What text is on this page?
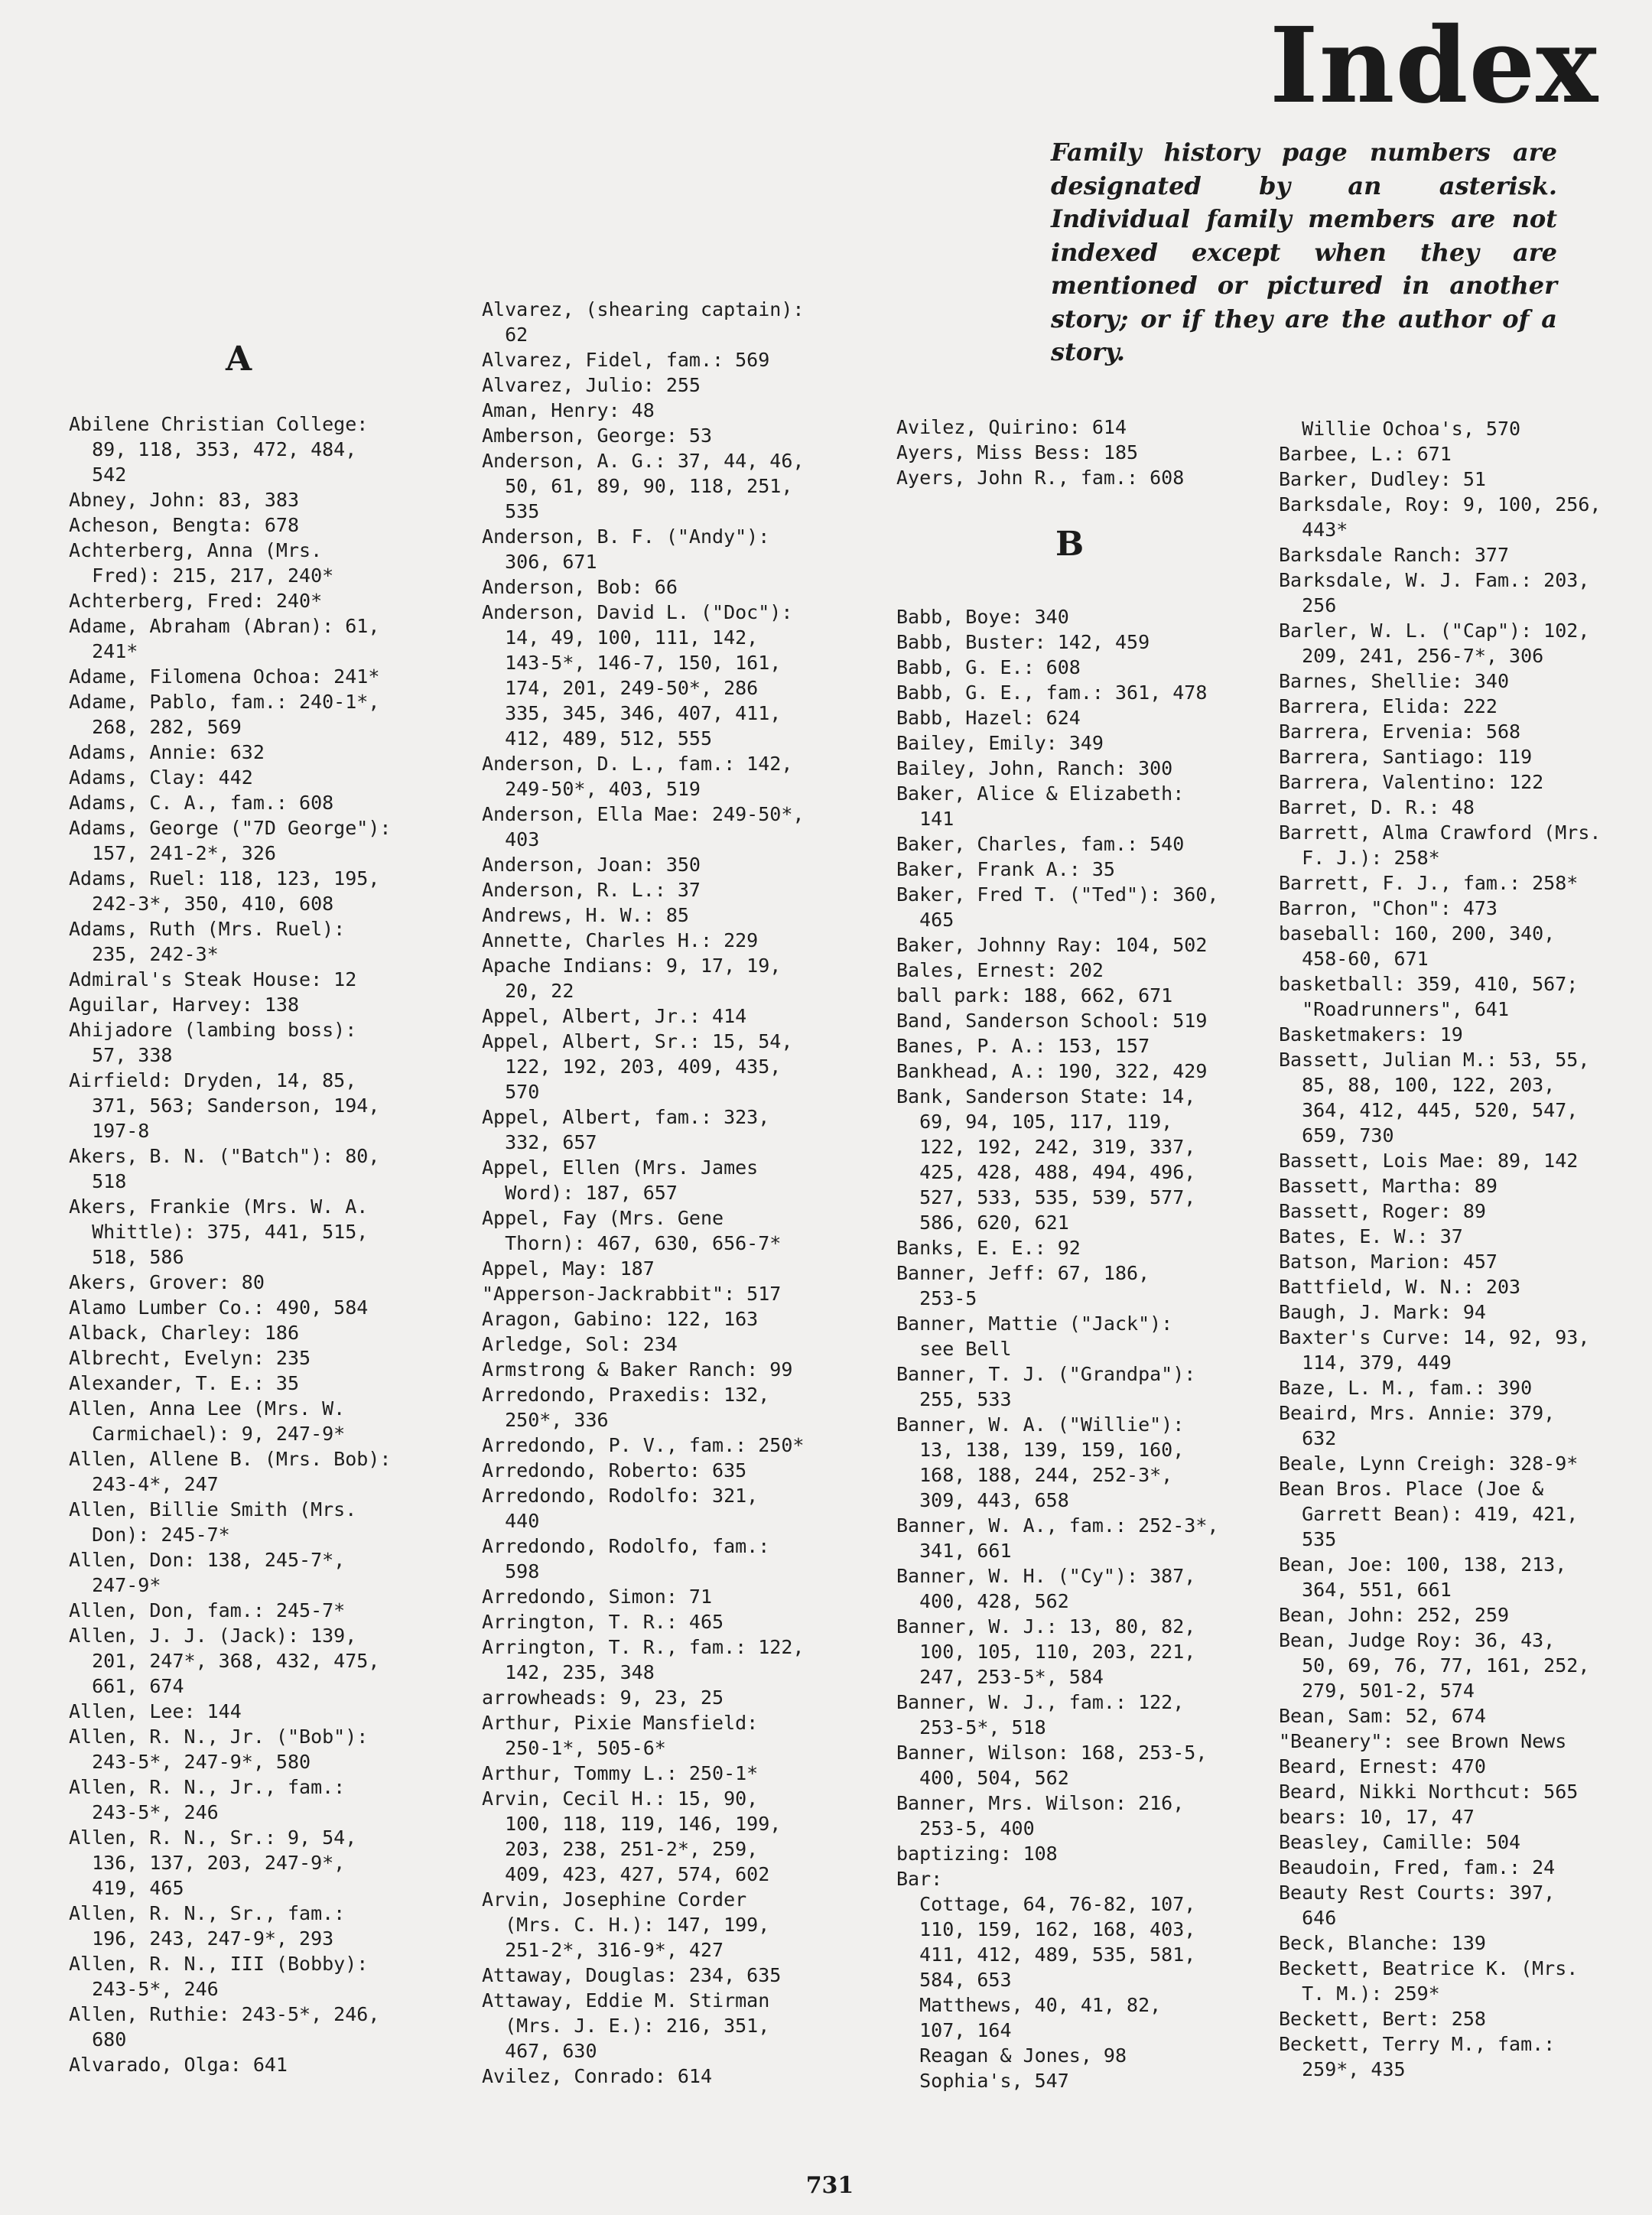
Index

Family history page numbers are designated by an asterisk. Individual family members are not indexed except when they are mentioned or pictured in another story; or if they are the author of a story.

A
B
Abilene Christian College:
89, 118, 353, 472, 484,
542
Abney, John: 83, 383
Acheson, Bengta: 678
Achterberg, Anna (Mrs.
Fred): 215, 217, 240*
Achterberg, Fred: 240*
Adame, Abraham (Abran): 61,
241*
Adame, Filomena Ochoa: 241*
Adame, Pablo, fam.: 240-1*,
268, 282, 569
Adams, Annie: 632
Adams, Clay: 442
Adams, C. A., fam.: 608
Adams, George ("7D George"):
157, 241-2*, 326
Adams, Ruel: 118, 123, 195,
242-3*, 350, 410, 608
Adams, Ruth (Mrs. Ruel):
235, 242-3*
Admiral's Steak House: 12
Aguilar, Harvey: 138
Ahijadore (lambing boss):
57, 338
Airfield: Dryden, 14, 85,
371, 563; Sanderson, 194,
197-8
Akers, B. N. ("Batch"): 80,
518
Akers, Frankie (Mrs. W. A.
Whittle): 375, 441, 515,
518, 586
Akers, Grover: 80
Alamo Lumber Co.: 490, 584
Alback, Charley: 186
Albrecht, Evelyn: 235
Alexander, T. E.: 35
Allen, Anna Lee (Mrs. W.
Carmichael): 9, 247-9*
Allen, Allene B. (Mrs. Bob):
243-4*, 247
Allen, Billie Smith (Mrs.
Don): 245-7*
Allen, Don: 138, 245-7*,
247-9*
Allen, Don, fam.: 245-7*
Allen, J. J. (Jack): 139,
201, 247*, 368, 432, 475,
661, 674
Allen, Lee: 144
Allen, R. N., Jr. ("Bob"):
243-5*, 247-9*, 580
Allen, R. N., Jr., fam.:
243-5*, 246
Allen, R. N., Sr.: 9, 54,
136, 137, 203, 247-9*,
419, 465
Allen, R. N., Sr., fam.:
196, 243, 247-9*, 293
Allen, R. N., III (Bobby):
243-5*, 246
Allen, Ruthie: 243-5*, 246,
680
Alvarado, Olga: 641
Alvarez, (shearing captain):
62
Alvarez, Fidel, fam.: 569
Alvarez, Julio: 255
Aman, Henry: 48
Amberson, George: 53
Anderson, A. G.: 37, 44, 46,
50, 61, 89, 90, 118, 251,
535
Anderson, B. F. ("Andy"):
306, 671
Anderson, Bob: 66
Anderson, David L. ("Doc"):
14, 49, 100, 111, 142,
143-5*, 146-7, 150, 161,
174, 201, 249-50*, 286
335, 345, 346, 407, 411,
412, 489, 512, 555
Anderson, D. L., fam.: 142,
249-50*, 403, 519
Anderson, Ella Mae: 249-50*,
403
Anderson, Joan: 350
Anderson, R. L.: 37
Andrews, H. W.: 85
Annette, Charles H.: 229
Apache Indians: 9, 17, 19,
20, 22
Appel, Albert, Jr.: 414
Appel, Albert, Sr.: 15, 54,
122, 192, 203, 409, 435,
570
Appel, Albert, fam.: 323,
332, 657
Appel, Ellen (Mrs. James
Word): 187, 657
Appel, Fay (Mrs. Gene
Thorn): 467, 630, 656-7*
Appel, May: 187
"Apperson-Jackrabbit": 517
Aragon, Gabino: 122, 163
Arledge, Sol: 234
Armstrong & Baker Ranch: 99
Arredondo, Praxedis: 132,
250*, 336
Arredondo, P. V., fam.: 250*
Arredondo, Roberto: 635
Arredondo, Rodolfo: 321,
440
Arredondo, Rodolfo, fam.:
598
Arredondo, Simon: 71
Arrington, T. R.: 465
Arrington, T. R., fam.: 122,
142, 235, 348
arrowheads: 9, 23, 25
Arthur, Pixie Mansfield:
250-1*, 505-6*
Arthur, Tommy L.: 250-1*
Arvin, Cecil H.: 15, 90,
100, 118, 119, 146, 199,
203, 238, 251-2*, 259,
409, 423, 427, 574, 602
Arvin, Josephine Corder
(Mrs. C. H.): 147, 199,
251-2*, 316-9*, 427
Attaway, Douglas: 234, 635
Attaway, Eddie M. Stirman
(Mrs. J. E.): 216, 351,
467, 630
Avilez, Conrado: 614
Avilez, Quirino: 614
Ayers, Miss Bess: 185
Ayers, John R., fam.: 608
Babb, Boye: 340
Babb, Buster: 142, 459
Babb, G. E.: 608
Babb, G. E., fam.: 361, 478
Babb, Hazel: 624
Bailey, Emily: 349
Bailey, John, Ranch: 300
Baker, Alice & Elizabeth:
141
Baker, Charles, fam.: 540
Baker, Frank A.: 35
Baker, Fred T. ("Ted"): 360,
465
Baker, Johnny Ray: 104, 502
Bales, Ernest: 202
ball park: 188, 662, 671
Band, Sanderson School: 519
Banes, P. A.: 153, 157
Bankhead, A.: 190, 322, 429
Bank, Sanderson State: 14,
69, 94, 105, 117, 119,
122, 192, 242, 319, 337,
425, 428, 488, 494, 496,
527, 533, 535, 539, 577,
586, 620, 621
Banks, E. E.: 92
Banner, Jeff: 67, 186,
253-5
Banner, Mattie ("Jack"):
see Bell
Banner, T. J. ("Grandpa"):
255, 533
Banner, W. A. ("Willie"):
13, 138, 139, 159, 160,
168, 188, 244, 252-3*,
309, 443, 658
Banner, W. A., fam.: 252-3*,
341, 661
Banner, W. H. ("Cy"): 387,
400, 428, 562
Banner, W. J.: 13, 80, 82,
100, 105, 110, 203, 221,
247, 253-5*, 584
Banner, W. J., fam.: 122,
253-5*, 518
Banner, Wilson: 168, 253-5,
400, 504, 562
Banner, Mrs. Wilson: 216,
253-5, 400
baptizing: 108
Bar:
Cottage, 64, 76-82, 107,
110, 159, 162, 168, 403,
411, 412, 489, 535, 581,
584, 653
Matthews, 40, 41, 82,
107, 164
Reagan & Jones, 98
Sophia's, 547
Willie Ochoa's, 570
Barbee, L.: 671
Barker, Dudley: 51
Barksdale, Roy: 9, 100, 256,
443*
Barksdale Ranch: 377
Barksdale, W. J. Fam.: 203,
256
Barler, W. L. ("Cap"): 102,
209, 241, 256-7*, 306
Barnes, Shellie: 340
Barrera, Elida: 222
Barrera, Ervenia: 568
Barrera, Santiago: 119
Barrera, Valentino: 122
Barret, D. R.: 48
Barrett, Alma Crawford (Mrs.
F. J.): 258*
Barrett, F. J., fam.: 258*
Barron, "Chon": 473
baseball: 160, 200, 340,
458-60, 671
basketball: 359, 410, 567;
"Roadrunners", 641
Basketmakers: 19
Bassett, Julian M.: 53, 55,
85, 88, 100, 122, 203,
364, 412, 445, 520, 547,
659, 730
Bassett, Lois Mae: 89, 142
Bassett, Martha: 89
Bassett, Roger: 89
Bates, E. W.: 37
Batson, Marion: 457
Battfield, W. N.: 203
Baugh, J. Mark: 94
Baxter's Curve: 14, 92, 93,
114, 379, 449
Baze, L. M., fam.: 390
Beaird, Mrs. Annie: 379,
632
Beale, Lynn Creigh: 328-9*
Bean Bros. Place (Joe &
Garrett Bean): 419, 421,
535
Bean, Joe: 100, 138, 213,
364, 551, 661
Bean, John: 252, 259
Bean, Judge Roy: 36, 43,
50, 69, 76, 77, 161, 252,
279, 501-2, 574
Bean, Sam: 52, 674
"Beanery": see Brown News
Beard, Ernest: 470
Beard, Nikki Northcut: 565
bears: 10, 17, 47
Beasley, Camille: 504
Beaudoin, Fred, fam.: 24
Beauty Rest Courts: 397,
646
Beck, Blanche: 139
Beckett, Beatrice K. (Mrs.
T. M.): 259*
Beckett, Bert: 258
Beckett, Terry M., fam.:
259*, 435
731
